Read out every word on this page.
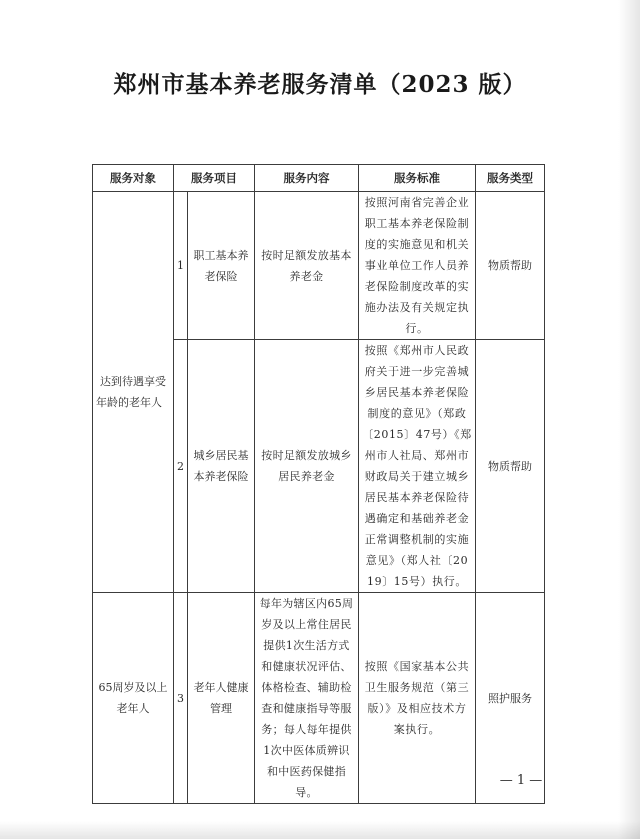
郑州市基本养老服务清单（2023 版）
服务对象	服务项目		服务内容	服务标准	服务类型
达到待遇享受年龄的老年人	1	职工基本养老保险	按时足额发放基本养老金	按照河南省完善企业职工基本养老保险制度的实施意见和机关事业单位工作人员养老保险制度改革的实施办法及有关规定执行。	物质帮助
	2	城乡居民基本养老保险	按时足额发放城乡居民养老金	按照《郑州市人民政府关于进一步完善城乡居民基本养老保险制度的意见》（郑政〔2015〕47号）《郑州市人社局、郑州市财政局关于建立城乡居民基本养老保险待遇确定和基础养老金正常调整机制的实施意见》（郑人社〔2019〕15号）执行。	物质帮助
65周岁及以上老年人	3	老年人健康管理	每年为辖区内65周岁及以上常住居民提供1次生活方式和健康状况评估、体格检查、辅助检查和健康指导等服务；每人每年提供1次中医体质辨识和中医药保健指导。	按照《国家基本公共卫生服务规范（第三版）》及相应技术方案执行。	照护服务
— 1 —
